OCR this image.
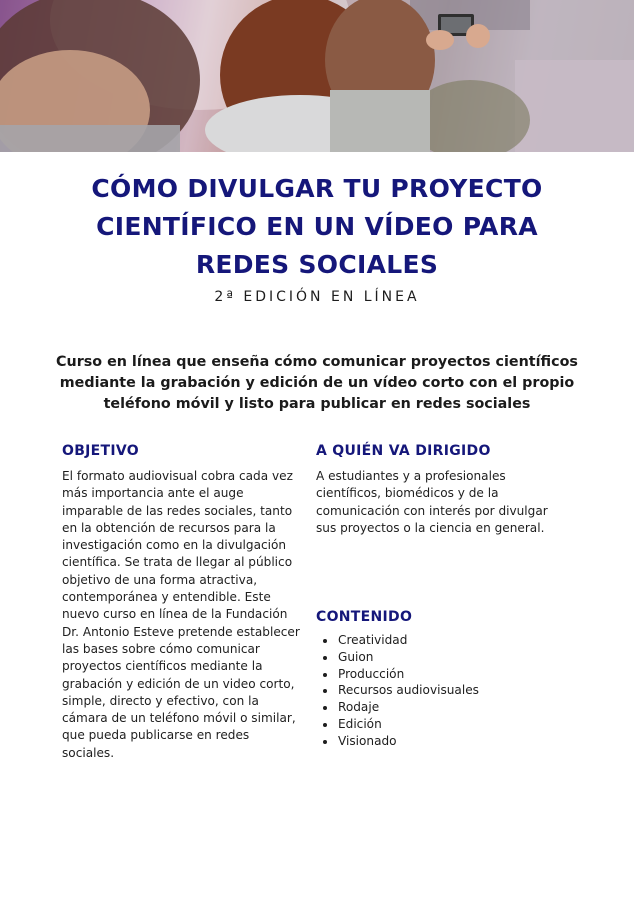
CÓMO DIVULGAR TU PROYECTO
CIENTÍFICO EN UN VÍDEO PARA
REDES SOCIALES
2ª EDICIÓN EN LÍNEA
Curso en línea que enseña cómo comunicar proyectos científicos
mediante la grabación y edición de un vídeo corto con el propio
teléfono móvil y listo para publicar en redes sociales
OBJETIVO
El formato audiovisual cobra cada vez
más importancia ante el auge
imparable de las redes sociales, tanto
en la obtención de recursos para la
investigación como en la divulgación
científica. Se trata de llegar al público
objetivo de una forma atractiva,
contemporánea y entendible. Este
nuevo curso en línea de la Fundación
Dr. Antonio Esteve pretende establecer
las bases sobre cómo comunicar
proyectos científicos mediante la
grabación y edición de un video corto,
simple, directo y efectivo, con la
cámara de un teléfono móvil o similar,
que pueda publicarse en redes
sociales.
A QUIÉN VA DIRIGIDO
A estudiantes y a profesionales
científicos, biomédicos y de la
comunicación con interés por divulgar
sus proyectos o la ciencia en general.
CONTENIDO
Creatividad
Guion
Producción
Recursos audiovisuales
Rodaje
Edición
Visionado
